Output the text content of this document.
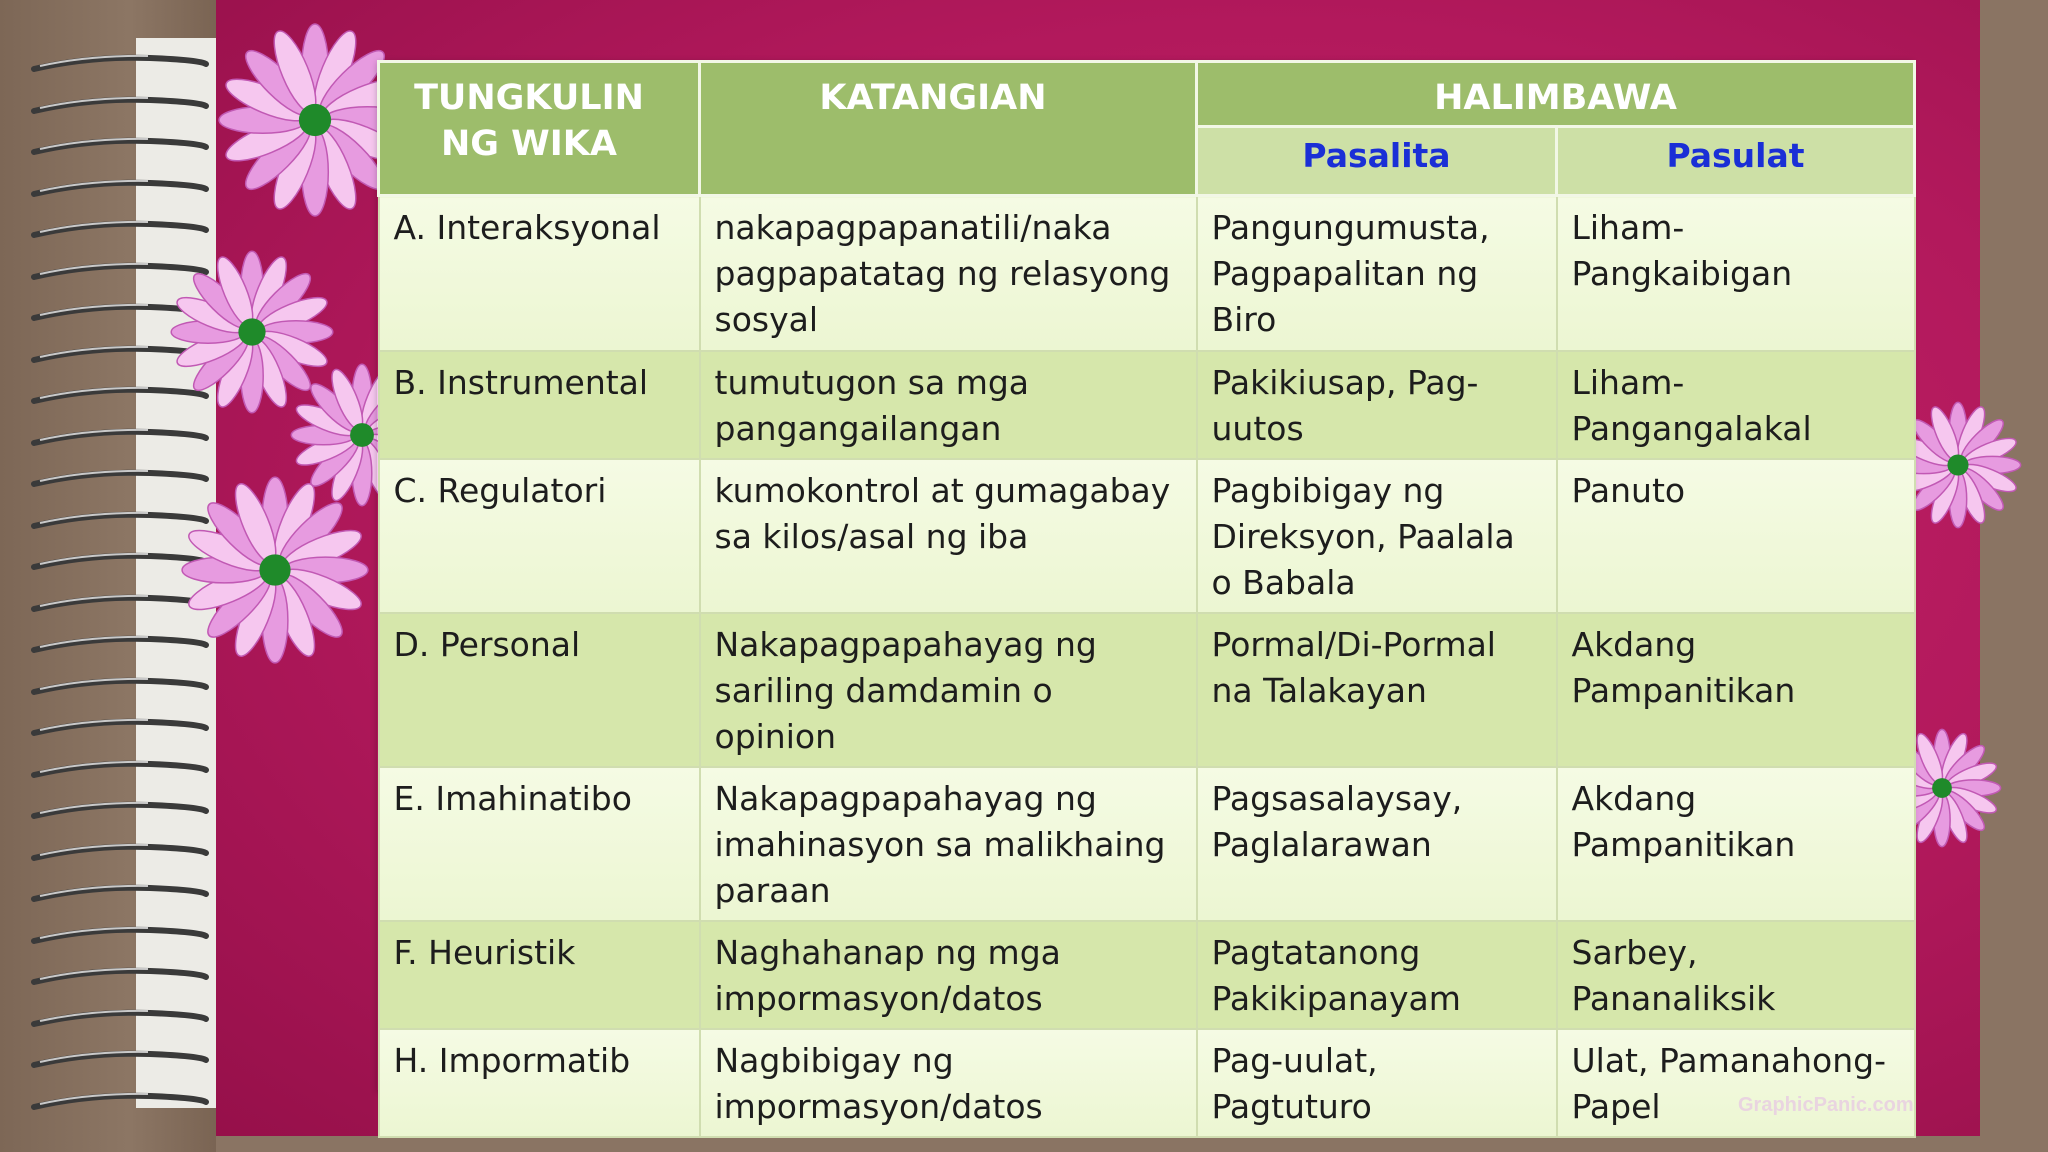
TUNGKULIN NG WIKA	KATANGIAN	HALIMBAWA	
		Pasalita	Pasulat
A. Interaksyonal	nakapagpapanatili/naka pagpapatatag ng relasyong sosyal	Pangungumusta, Pagpapalitan ng Biro	Liham-Pangkaibigan
B. Instrumental	tumutugon sa mga pangangailangan	Pakikiusap, Pag-uutos	Liham-Pangangalakal
C. Regulatori	kumokontrol at gumagabay sa kilos/asal ng iba	Pagbibigay ng Direksyon, Paalala o Babala	Panuto
D. Personal	Nakapagpapahayag ng sariling damdamin o opinion	Pormal/Di-Pormal na Talakayan	Akdang Pampanitikan
E. Imahinatibo	Nakapagpapahayag ng imahinasyon sa malikhaing paraan	Pagsasalaysay, Paglalarawan	Akdang Pampanitikan
F. Heuristik	Naghahanap ng mga impormasyon/datos	Pagtatanong Pakikipanayam	Sarbey, Pananaliksik
H. Impormatib	Nagbibigay ng impormasyon/datos	Pag-uulat, Pagtuturo	Ulat, Pamanahong-Papel	GraphicPanic.com
